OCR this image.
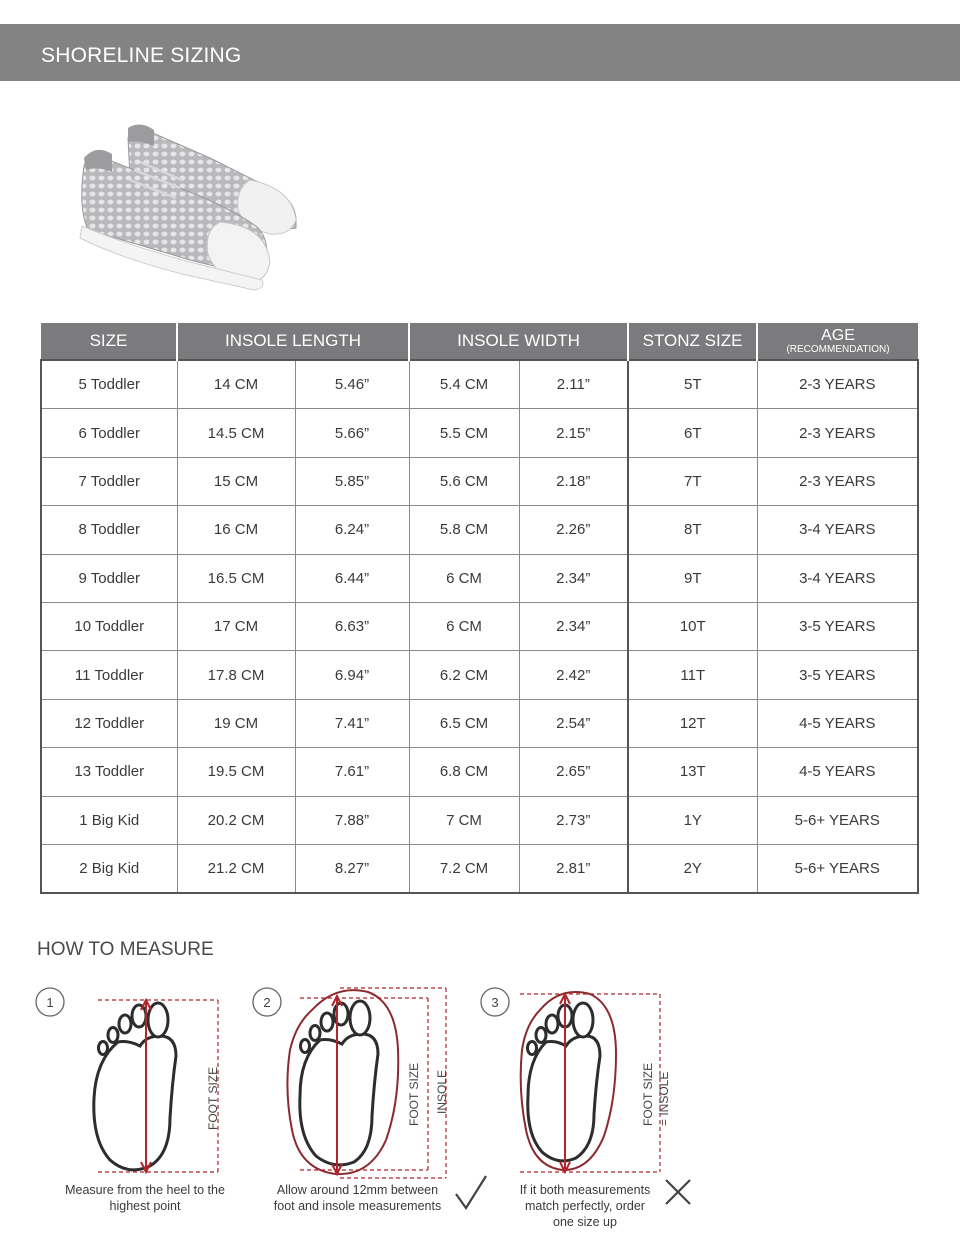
SHORELINE SIZING
SIZE	INSOLE LENGTH		INSOLE WIDTH		STONZ SIZE	AGE
(RECOMMENDATION)

5 Toddler	14 CM	5.46”	5.4 CM	2.11”	5T	2-3 YEARS
6 Toddler	14.5 CM	5.66”	5.5 CM	2.15”	6T	2-3 YEARS
7 Toddler	15 CM	5.85”	5.6 CM	2.18”	7T	2-3 YEARS
8 Toddler	16 CM	6.24”	5.8 CM	2.26”	8T	3-4 YEARS
9 Toddler	16.5 CM	6.44”	6 CM	2.34”	9T	3-4 YEARS
10 Toddler	17 CM	6.63”	6 CM	2.34”	10T	3-5 YEARS
11 Toddler	17.8 CM	6.94”	6.2 CM	2.42”	11T	3-5 YEARS
12 Toddler	19 CM	7.41”	6.5 CM	2.54”	12T	4-5 YEARS
13 Toddler	19.5 CM	7.61”	6.8 CM	2.65”	13T	4-5 YEARS
1 Big Kid	20.2 CM	7.88”	7 CM	2.73”	1Y	5-6+ YEARS
2 Big Kid	21.2 CM	8.27”	7.2 CM	2.81”	2Y	5-6+ YEARS
HOW TO MEASURE
1
FOOT SIZE
2
FOOT SIZE INSOLE
3
FOOT SIZE = INSOLE
Measure from the heel to the
highest point
Allow around 12mm between
foot and insole measurements
If it both measurements
match perfectly, order
one size up
